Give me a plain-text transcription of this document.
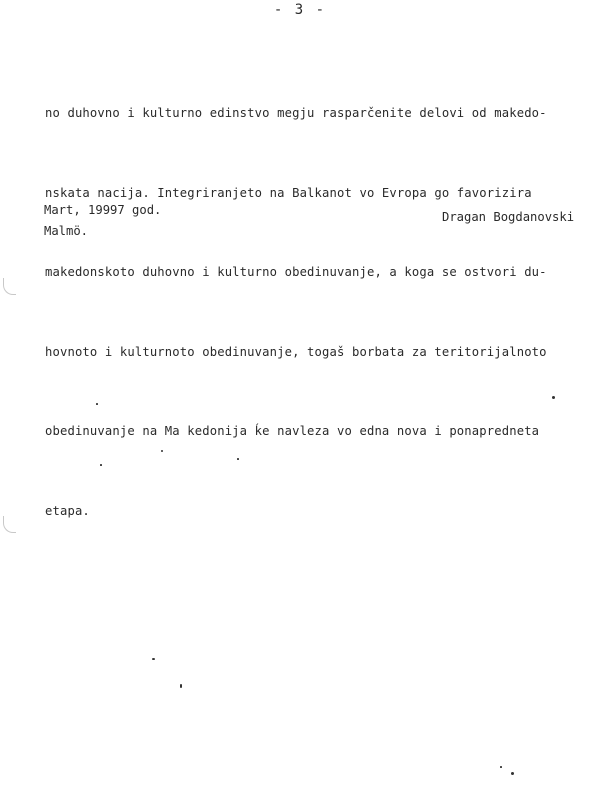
- 3 -

no duhovno i kulturno edinstvo megju rasparčenite delovi od makedo-

nskata nacija. Integriranjeto na Balkanot vo Evropa go favorizira

makedonskoto duhovno i kulturno obedinuvanje, a koga se ostvori du-

hovnoto i kulturnoto obedinuvanje, togaš borbata za teritorijalnoto

obedinuvanje na Ma kedonija ḱe navleza vo edna nova i ponapredneta

etapa.

Mart, 19997 god.
Malmö.
Dragan Bogdanovski
